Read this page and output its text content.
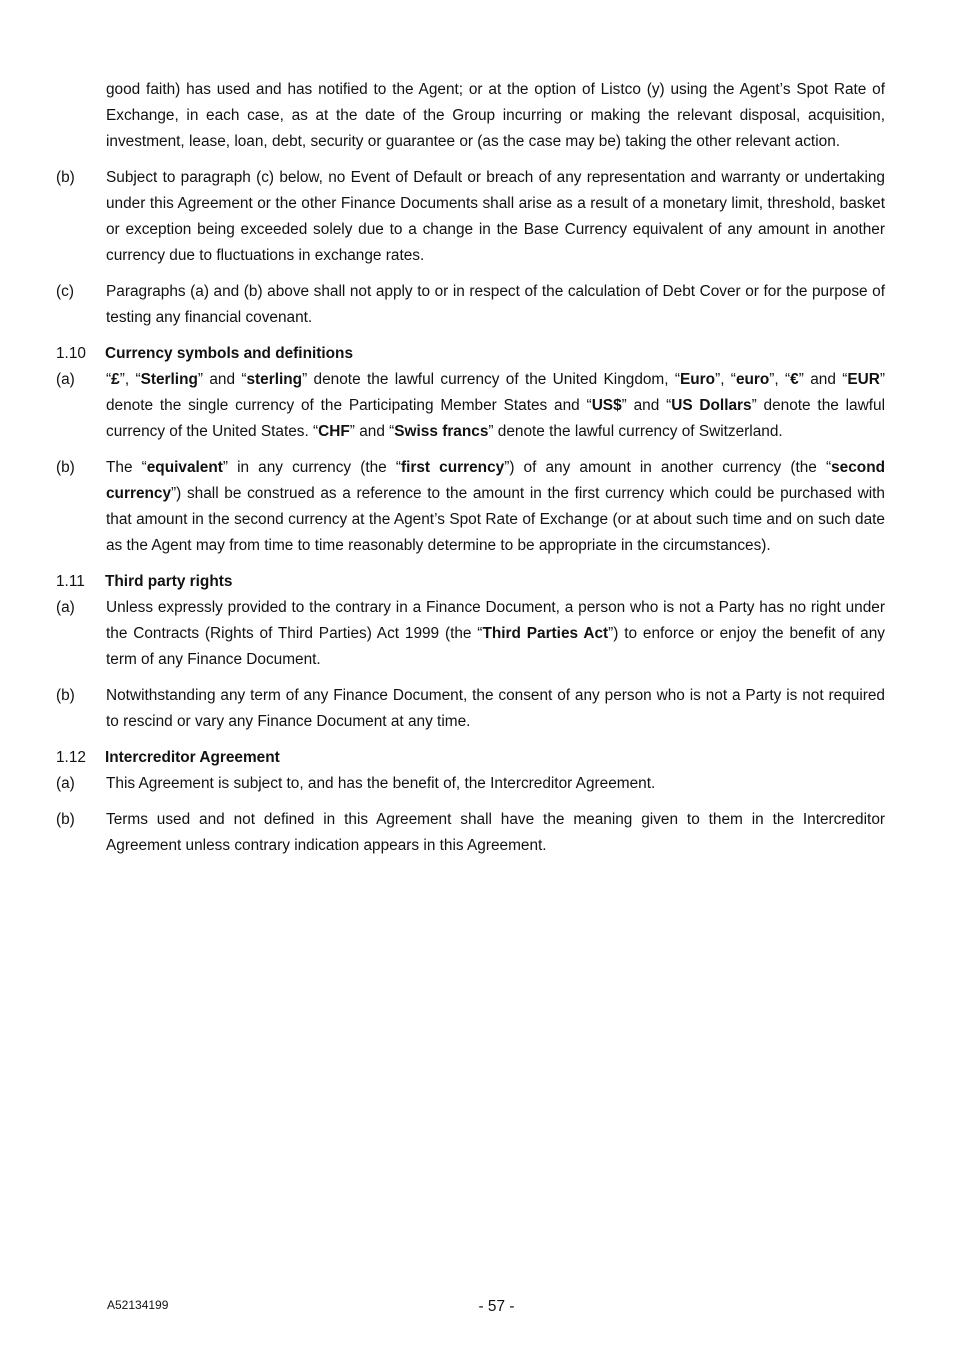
good faith) has used and has notified to the Agent; or at the option of Listco (y) using the Agent’s Spot Rate of Exchange, in each case, as at the date of the Group incurring or making the relevant disposal, acquisition, investment, lease, loan, debt, security or guarantee or (as the case may be) taking the other relevant action.
(b)	Subject to paragraph (c) below, no Event of Default or breach of any representation and warranty or undertaking under this Agreement or the other Finance Documents shall arise as a result of a monetary limit, threshold, basket or exception being exceeded solely due to a change in the Base Currency equivalent of any amount in another currency due to fluctuations in exchange rates.
(c)	Paragraphs (a) and (b) above shall not apply to or in respect of the calculation of Debt Cover or for the purpose of testing any financial covenant.
1.10	Currency symbols and definitions
(a)	“£”, “Sterling” and “sterling” denote the lawful currency of the United Kingdom, “Euro”, “euro”, “€” and “EUR” denote the single currency of the Participating Member States and “US$” and “US Dollars” denote the lawful currency of the United States. “CHF” and “Swiss francs” denote the lawful currency of Switzerland.
(b)	The “equivalent” in any currency (the “first currency”) of any amount in another currency (the “second currency”) shall be construed as a reference to the amount in the first currency which could be purchased with that amount in the second currency at the Agent’s Spot Rate of Exchange (or at about such time and on such date as the Agent may from time to time reasonably determine to be appropriate in the circumstances).
1.11	Third party rights
(a)	Unless expressly provided to the contrary in a Finance Document, a person who is not a Party has no right under the Contracts (Rights of Third Parties) Act 1999 (the “Third Parties Act”) to enforce or enjoy the benefit of any term of any Finance Document.
(b)	Notwithstanding any term of any Finance Document, the consent of any person who is not a Party is not required to rescind or vary any Finance Document at any time.
1.12	Intercreditor Agreement
(a)	This Agreement is subject to, and has the benefit of, the Intercreditor Agreement.
(b)	Terms used and not defined in this Agreement shall have the meaning given to them in the Intercreditor Agreement unless contrary indication appears in this Agreement.
A52134199	- 57 -
